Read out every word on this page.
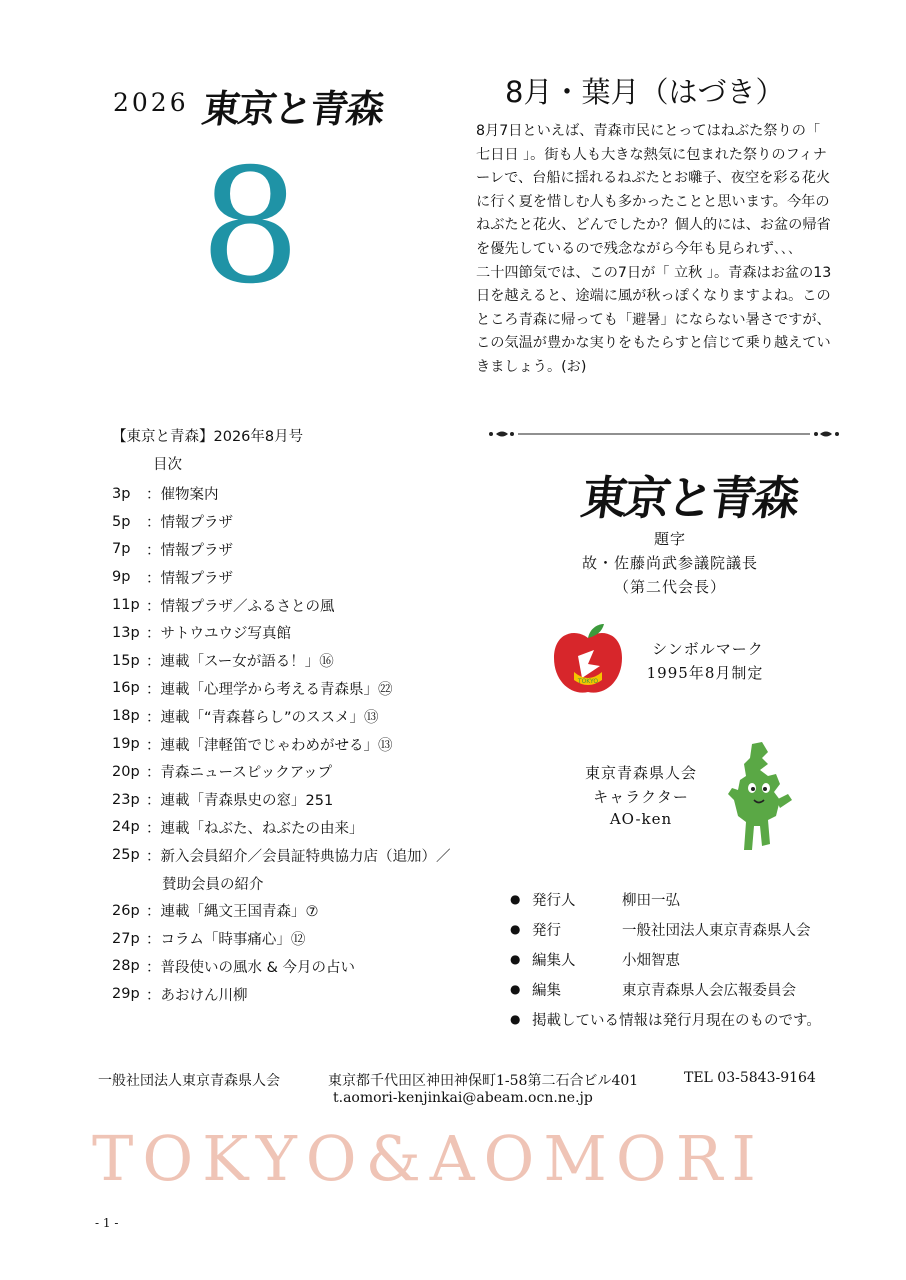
2026 東京と青森
8
8月・葉月（はづき）

8月7日といえば、青森市民にとってはねぶた祭りの「 七日日 」。街も人も大きな熱気に包まれた祭りのフィナーレで、台船に揺れるねぶたとお囃子、夜空を彩る花火に行く夏を惜しむ人も多かったことと思います。今年のねぶたと花火、どんでしたか？個人的には、お盆の帰省を優先しているので残念ながら今年も見られず､､､

二十四節気では、この7日が「 立秋 」。青森はお盆の13日を越えると、途端に風が秋っぽくなりますよね。このところ青森に帰っても「避暑」にならない暑さですが、この気温が豊かな実りをもたらすと信じて乗り越えていきましょう。(お)

【東京と青森】2026年8月号
目次
3p	：催物案内
5p	：情報プラザ
7p	：情報プラザ
9p	：情報プラザ
11p ：情報プラザ／ふるさとの風
13p ：サトウユウジ写真館
15p ：連載「スー女が語る！」⑯
16p ：連載「心理学から考える青森県」㉒
18p ：連載「“青森暮らし”のススメ」⑬
19p ：連載「津軽笛でじゃわめがせる」⑬
20p ：青森ニュースピックアップ
23p ：連載「青森県史の窓」251
24p ：連載「ねぶた、ねぶたの由来」
25p ：新入会員紹介／会員証特典協力店（追加）／
賛助会員の紹介
26p ：連載「縄文王国青森」⑦
27p ：コラム「時事痛心」⑫
28p ：普段使いの風水 & 今月の占い
29p ：あおけん川柳
東京と青森
題字
故・佐藤尚武参議院議長
（第二代会長）
TOKYO
シンボルマーク
1995年8月制定
東京青森県人会
キャラクター
AO-ken
● 発行人	柳田一弘
● 発行	一般社団法人東京青森県人会
● 編集人	小畑智恵
● 編集	東京青森県人会広報委員会
● 掲載している情報は発行月現在のものです。
一般社団法人東京青森県人会	東京都千代田区神田神保町1-58第二石合ビル401	TEL 03-5843-9164
t.aomori-kenjinkai@abeam.ocn.ne.jp
TOKYO&AOMORI
- 1 -
